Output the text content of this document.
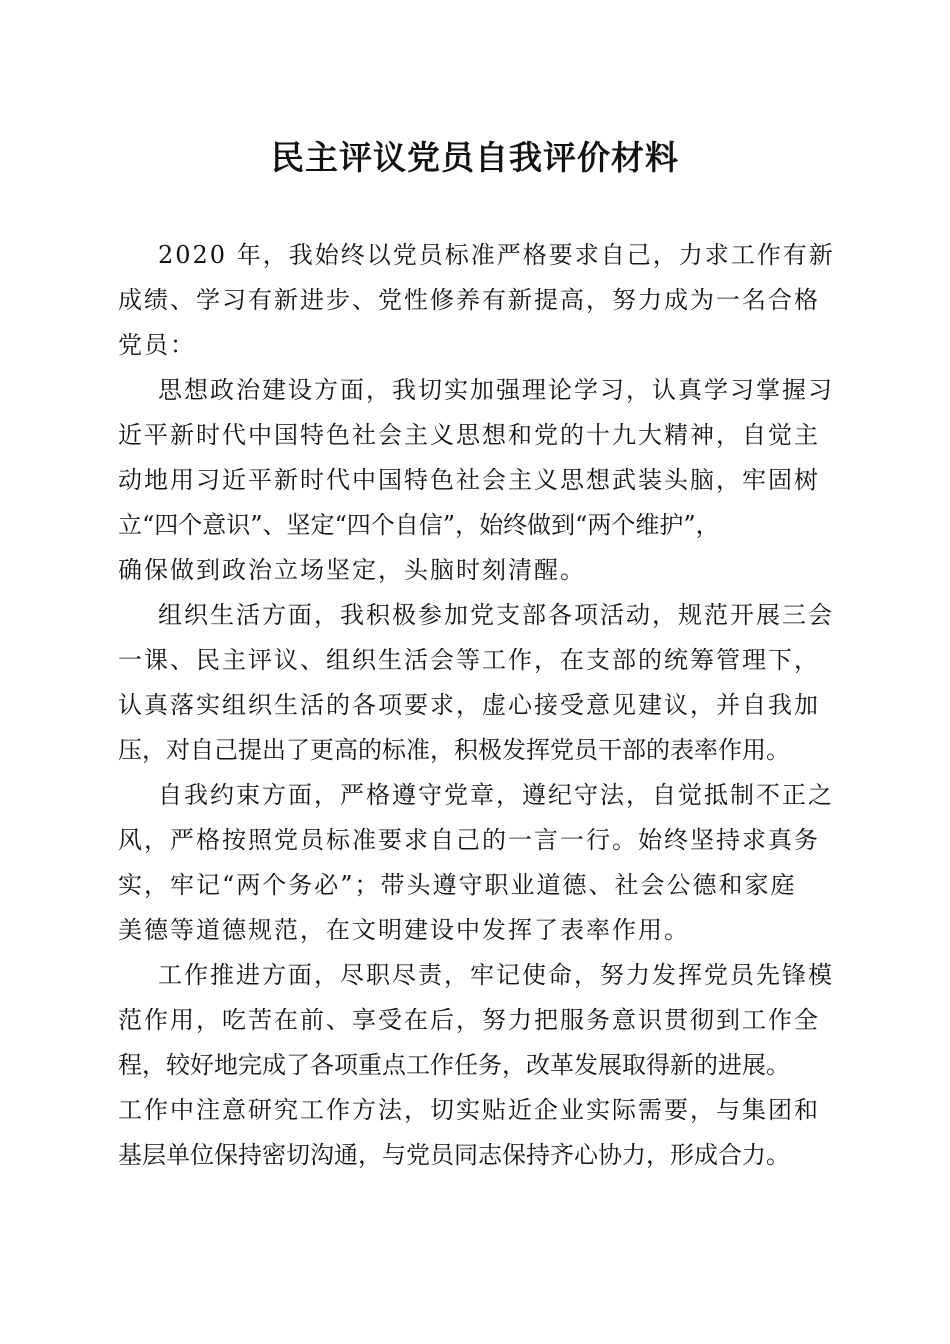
民主评议党员自我评价材料
2020 年，我始终以党员标准严格要求自己，力求工作有新
成绩、学习有新进步、党性修养有新提高，努力成为一名合格
党员：
思想政治建设方面，我切实加强理论学习，认真学习掌握习
近平新时代中国特色社会主义思想和党的十九大精神，自觉主
动地用习近平新时代中国特色社会主义思想武装头脑，牢固树
立“四个意识”、坚定“四个自信”，始终做到“两个维护”，
确保做到政治立场坚定，头脑时刻清醒。
组织生活方面，我积极参加党支部各项活动，规范开展三会
一课、民主评议、组织生活会等工作，在支部的统筹管理下，
认真落实组织生活的各项要求，虚心接受意见建议，并自我加
压，对自己提出了更高的标准，积极发挥党员干部的表率作用。
自我约束方面，严格遵守党章，遵纪守法，自觉抵制不正之
风，严格按照党员标准要求自己的一言一行。始终坚持求真务
实，牢记“两个务必”；带头遵守职业道德、社会公德和家庭
美德等道德规范，在文明建设中发挥了表率作用。
工作推进方面，尽职尽责，牢记使命，努力发挥党员先锋模
范作用，吃苦在前、享受在后，努力把服务意识贯彻到工作全
程，较好地完成了各项重点工作任务，改革发展取得新的进展。
工作中注意研究工作方法，切实贴近企业实际需要，与集团和
基层单位保持密切沟通，与党员同志保持齐心协力，形成合力。
